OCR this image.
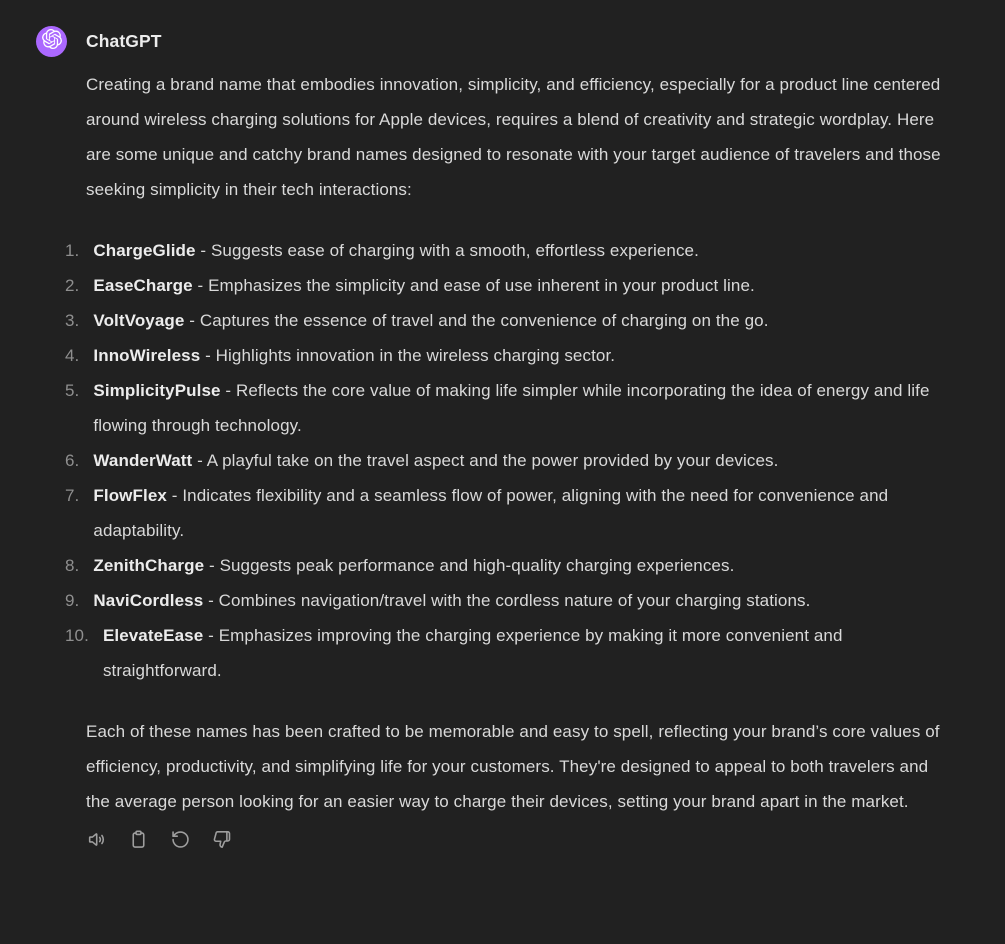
ChatGPT

Creating a brand name that embodies innovation, simplicity, and efficiency, especially for a product line centered around wireless charging solutions for Apple devices, requires a blend of creativity and strategic wordplay. Here are some unique and catchy brand names designed to resonate with your target audience of travelers and those seeking simplicity in their tech interactions:

1. ChargeGlide - Suggests ease of charging with a smooth, effortless experience.
2. EaseCharge - Emphasizes the simplicity and ease of use inherent in your product line.
3. VoltVoyage - Captures the essence of travel and the convenience of charging on the go.
4. InnoWireless - Highlights innovation in the wireless charging sector.
5. SimplicityPulse - Reflects the core value of making life simpler while incorporating the idea of energy and life flowing through technology.
6. WanderWatt - A playful take on the travel aspect and the power provided by your devices.
7. FlowFlex - Indicates flexibility and a seamless flow of power, aligning with the need for convenience and adaptability.
8. ZenithCharge - Suggests peak performance and high-quality charging experiences.
9. NaviCordless - Combines navigation/travel with the cordless nature of your charging stations.
10. ElevateEase - Emphasizes improving the charging experience by making it more convenient and straightforward.

Each of these names has been crafted to be memorable and easy to spell, reflecting your brand’s core values of efficiency, productivity, and simplifying life for your customers. They're designed to appeal to both travelers and the average person looking for an easier way to charge their devices, setting your brand apart in the market.
